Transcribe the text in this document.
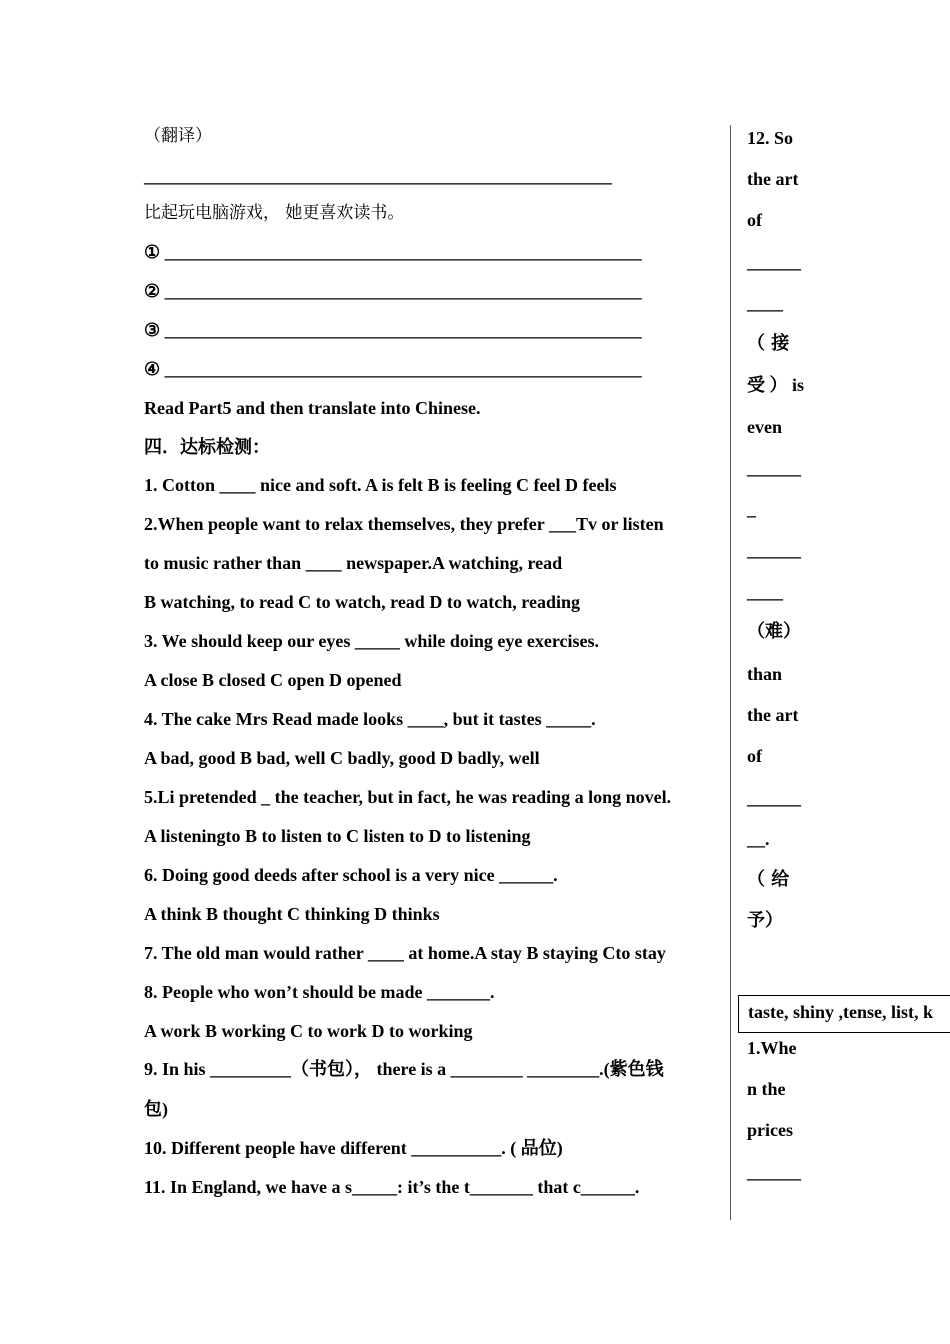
（翻译）
____________________________________________________
比起玩电脑游戏， 她更喜欢读书。
① _____________________________________________________
② _____________________________________________________
③ _____________________________________________________
④ _____________________________________________________
Read Part5 and then translate into Chinese.
四．达标检测：
1. Cotton ____ nice and soft. A is felt B is feeling C feel D feels
2.When people want to relax themselves, they prefer ___Tv or listen
to music rather than ____ newspaper.A watching, read
B watching, to read C to watch, read D to watch, reading
3. We should keep our eyes _____ while doing eye exercises.
A close B closed C open D opened
4. The cake Mrs Read made looks ____, but it tastes _____.
A bad, good B bad, well C badly, good D badly, well
5.Li pretended _ the teacher, but in fact, he was reading a long novel.
A listeningto B to listen to C listen to D to listening
6. Doing good deeds after school is a very nice ______.
A think B thought C thinking D thinks
7. The old man would rather ____ at home.A stay B staying Cto stay
8. People who won’t should be made _______.
A work B working C to work D to working
9. In his _________（书包）， there is a ________ ________.(紫色钱
包)
10. Different people have different __________. ( 品位)
11. In England, we have a s_____: it’s the t_______ that c______.
12. So
the art
of
______
____
（ 接
受 ） is
even
______
_
______
____
（难）
than
the art
of
______
__.
（ 给
予）
1.Whe
n the
prices
______
taste, shiny ,tense, list, k
